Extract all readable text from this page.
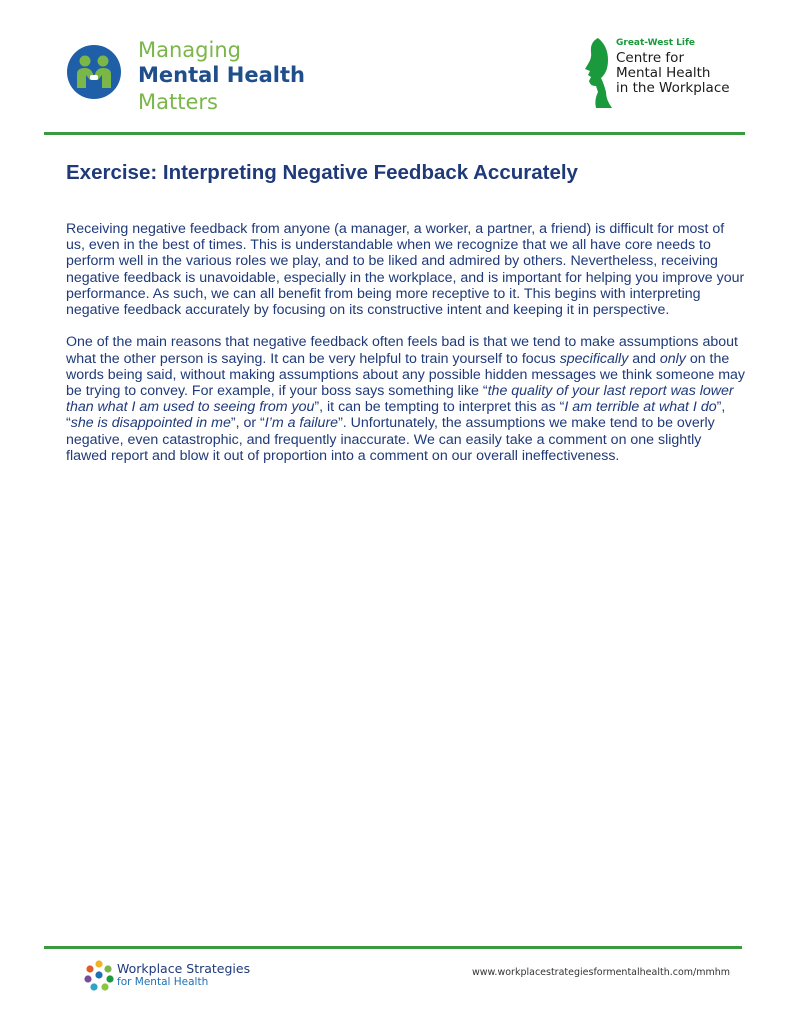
Managing
Mental Health
Matters
Great-West Life
Centre for
Mental Health
in the Workplace
Exercise: Interpreting Negative Feedback Accurately

Receiving negative feedback from anyone (a manager, a worker, a partner, a friend) is difficult for most of us, even in the best of times. This is understandable when we recognize that we all have core needs to perform well in the various roles we play, and to be liked and admired by others. Nevertheless, receiving negative feedback is unavoidable, especially in the workplace, and is important for helping you improve your performance. As such, we can all benefit from being more receptive to it. This begins with interpreting negative feedback accurately by focusing on its constructive intent and keeping it in perspective.

One of the main reasons that negative feedback often feels bad is that we tend to make assumptions about what the other person is saying. It can be very helpful to train yourself to focus specifically and only on the words being said, without making assumptions about any possible hidden messages we think someone may be trying to convey. For example, if your boss says something like “the quality of your last report was lower than what I am used to seeing from you”, it can be tempting to interpret this as “I am terrible at what I do”, “she is disappointed in me”, or “I’m a failure”. Unfortunately, the assumptions we make tend to be overly negative, even catastrophic, and frequently inaccurate. We can easily take a comment on one slightly flawed report and blow it out of proportion into a comment on our overall ineffectiveness.

Workplace Strategies
for Mental Health
www.workplacestrategiesformentalhealth.com/mmhm
